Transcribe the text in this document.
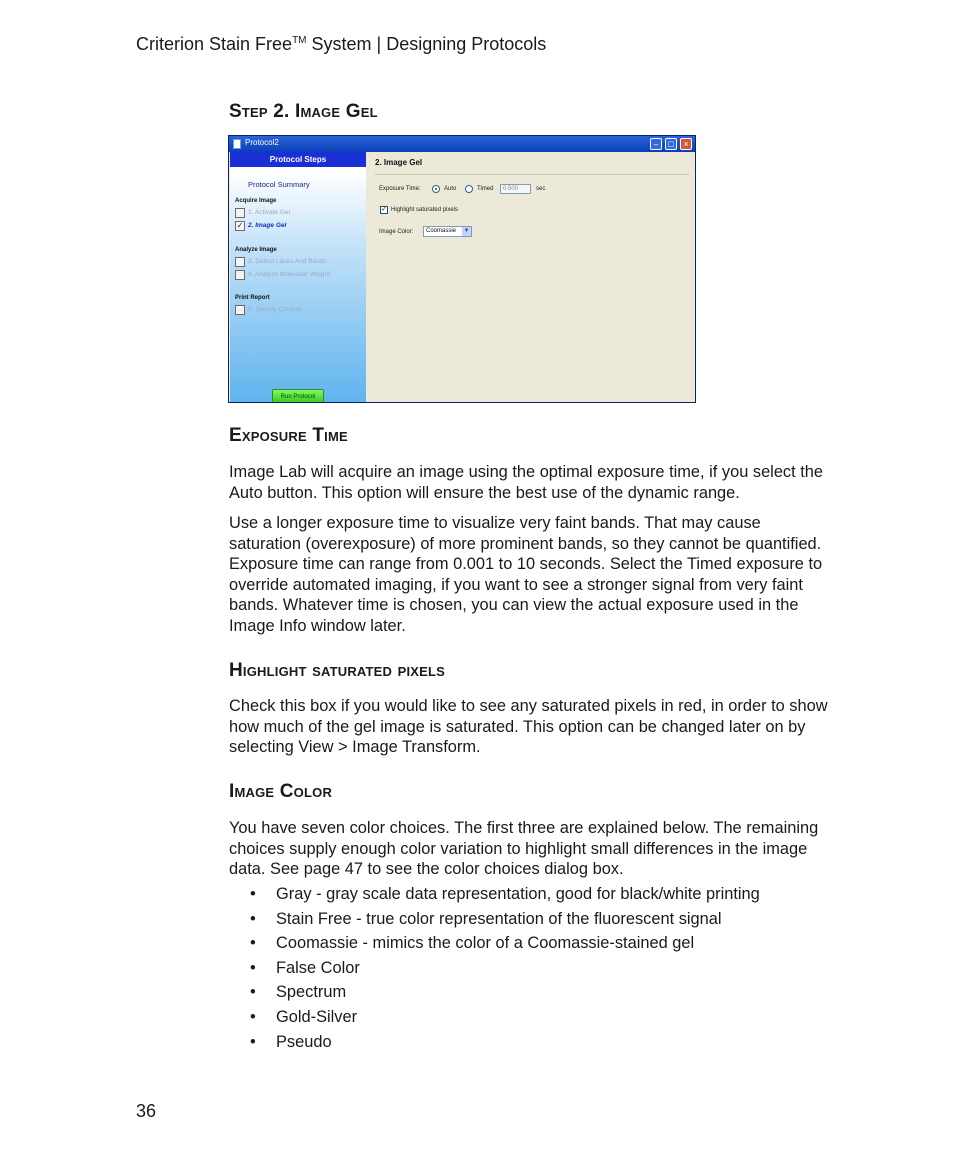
Criterion Stain Free™ System | Designing Protocols
Step 2. Image Gel
Protocol2	–	□	×
Protocol Steps
Protocol Summary
Acquire Image
1. Activate Gel
✓ 2. Image Gel
Analyze Image
3. Detect Lanes And Bands
4. Analyze Molecular Weight
Print Report
5. Specify Content
Run Protocol
2. Image Gel
Exposure Time:	Auto	Timed	0.500	sec
✓ Highlight saturated pixels
Image Color:	Coomassie ▼
Exposure Time

Image Lab will acquire an image using the optimal exposure time, if you select the Auto button. This option will ensure the best use of the dynamic range.

Use a longer exposure time to visualize very faint bands. That may cause saturation (overexposure) of more prominent bands, so they cannot be quantified. Exposure time can range from 0.001 to 10 seconds. Select the Timed exposure to override automated imaging, if you want to see a stronger signal from very faint bands. Whatever time is chosen, you can view the actual exposure used in the Image Info window later.

Highlight saturated pixels

Check this box if you would like to see any saturated pixels in red, in order to show how much of the gel image is saturated. This option can be changed later on by selecting View > Image Transform.

Image Color

You have seven color choices. The first three are explained below. The remaining choices supply enough color variation to highlight small differences in the image data. See page 47 to see the color choices dialog box.

• Gray - gray scale data representation, good for black/white printing
• Stain Free - true color representation of the fluorescent signal
• Coomassie - mimics the color of a Coomassie-stained gel
• False Color
• Spectrum
• Gold-Silver
• Pseudo
36
